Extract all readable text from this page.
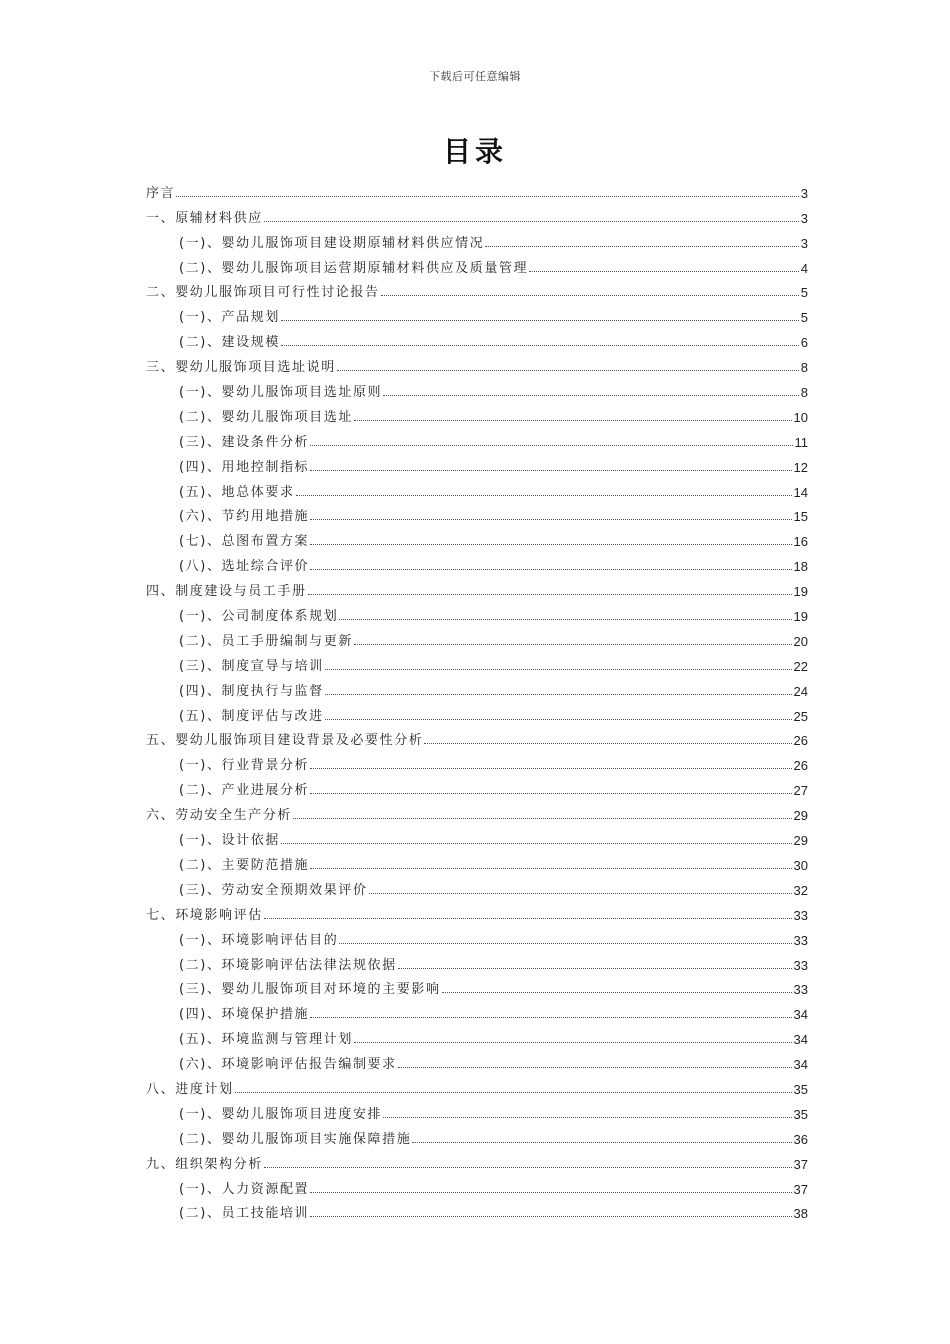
下载后可任意编辑
目录
序言	3
一、原辅材料供应	3
(一)、婴幼儿服饰项目建设期原辅材料供应情况	3
(二)、婴幼儿服饰项目运营期原辅材料供应及质量管理	4
二、婴幼儿服饰项目可行性讨论报告	5
(一)、产品规划	5
(二)、建设规模	6
三、婴幼儿服饰项目选址说明	8
(一)、婴幼儿服饰项目选址原则	8
(二)、婴幼儿服饰项目选址	10
(三)、建设条件分析	11
(四)、用地控制指标	12
(五)、地总体要求	14
(六)、节约用地措施	15
(七)、总图布置方案	16
(八)、选址综合评价	18
四、制度建设与员工手册	19
(一)、公司制度体系规划	19
(二)、员工手册编制与更新	20
(三)、制度宣导与培训	22
(四)、制度执行与监督	24
(五)、制度评估与改进	25
五、婴幼儿服饰项目建设背景及必要性分析	26
(一)、行业背景分析	26
(二)、产业进展分析	27
六、劳动安全生产分析	29
(一)、设计依据	29
(二)、主要防范措施	30
(三)、劳动安全预期效果评价	32
七、环境影响评估	33
(一)、环境影响评估目的	33
(二)、环境影响评估法律法规依据	33
(三)、婴幼儿服饰项目对环境的主要影响	33
(四)、环境保护措施	34
(五)、环境监测与管理计划	34
(六)、环境影响评估报告编制要求	34
八、进度计划	35
(一)、婴幼儿服饰项目进度安排	35
(二)、婴幼儿服饰项目实施保障措施	36
九、组织架构分析	37
(一)、人力资源配置	37
(二)、员工技能培训	38
